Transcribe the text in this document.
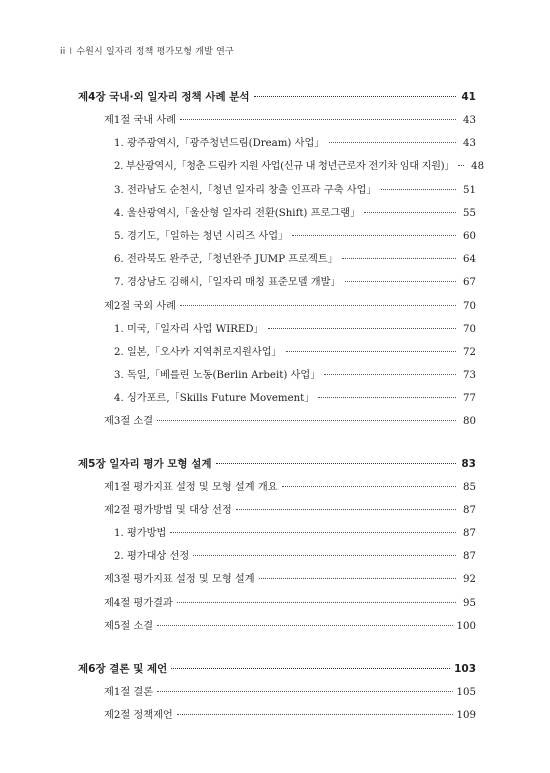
ii I 수원시 일자리 정책 평가모형 개발 연구
제4장 국내·외 일자리 정책 사례 분석	41
제1절 국내 사례	43
1. 광주광역시,「광주청년드림(Dream) 사업」	43
2. 부산광역시,「청춘 드림카 지원 사업(신규 내 청년근로자 전기차 임대 지원)」 48
3. 전라남도 순천시,「청년 일자리 창출 인프라 구축 사업」	51
4. 울산광역시,「울산형 일자리 전환(Shift) 프로그램」	55
5. 경기도,「일하는 청년 시리즈 사업」	60
6. 전라북도 완주군,「청년완주 JUMP 프로젝트」	64
7. 경상남도 김해시,「일자리 매칭 표준모델 개발」	67
제2절 국외 사례	70
1. 미국,「일자리 사업 WIRED」	70
2. 일본,「오사카 지역취로지원사업」	72
3. 독일,「베를린 노동(Berlin Arbeit) 사업」	73
4. 싱가포르,「Skills Future Movement」	77
제3절 소결	80
제5장 일자리 평가 모형 설계	83
제1절 평가지표 설정 및 모형 설계 개요	85
제2절 평가방법 및 대상 선정	87
1. 평가방법	87
2. 평가대상 선정	87
제3절 평가지표 설정 및 모형 설계	92
제4절 평가결과	95
제5절 소결	100
제6장 결론 및 제언	103
제1절 결론	105
제2절 정책제언	109
